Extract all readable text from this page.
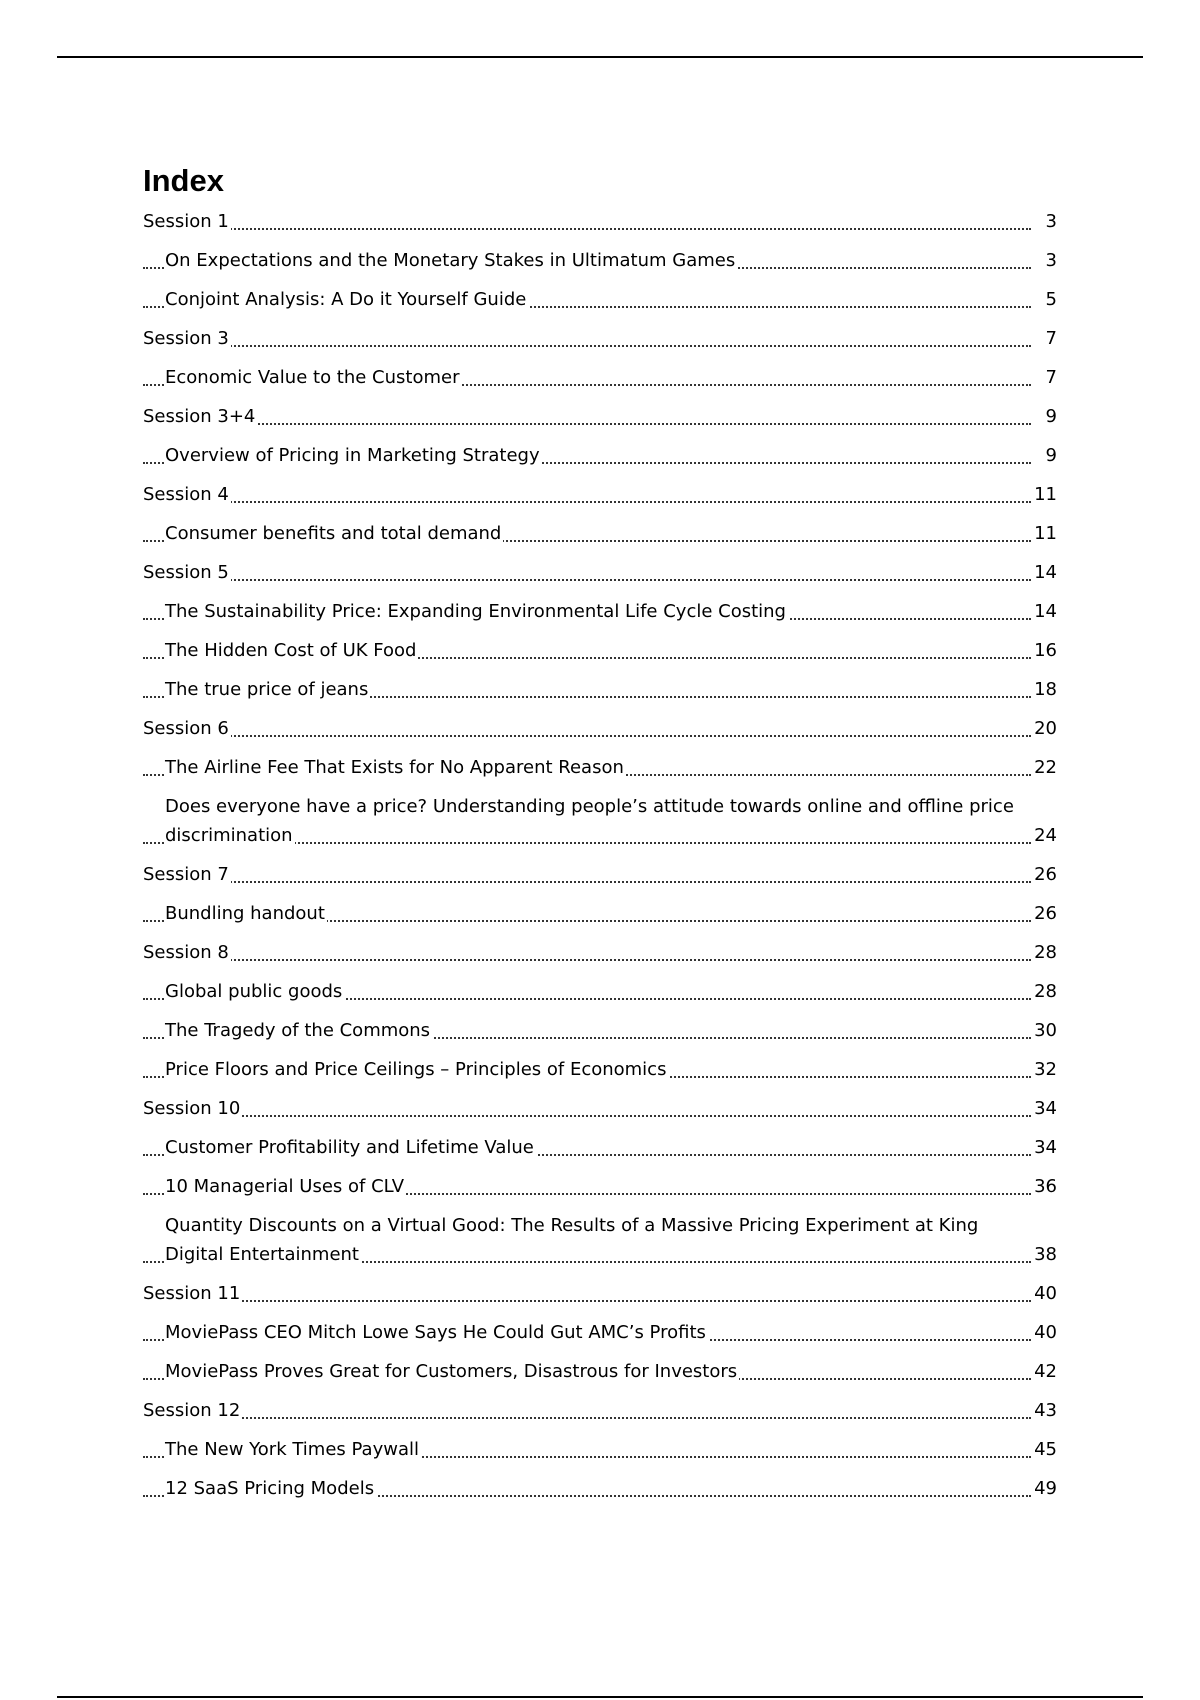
Index
Session 1	3
On Expectations and the Monetary Stakes in Ultimatum Games	3
Conjoint Analysis: A Do it Yourself Guide	5
Session 3	7
Economic Value to the Customer	7
Session 3+4	9
Overview of Pricing in Marketing Strategy	9
Session 4	11
Consumer benefits and total demand	11
Session 5	14
The Sustainability Price: Expanding Environmental Life Cycle Costing	14
The Hidden Cost of UK Food	16
The true price of jeans	18
Session 6	20
The Airline Fee That Exists for No Apparent Reason	22
Does everyone have a price? Understanding people’s attitude towards online and offline price discrimination	24
Session 7	26
Bundling handout	26
Session 8	28
Global public goods	28
The Tragedy of the Commons	30
Price Floors and Price Ceilings – Principles of Economics	32
Session 10	34
Customer Profitability and Lifetime Value	34
10 Managerial Uses of CLV	36
Quantity Discounts on a Virtual Good: The Results of a Massive Pricing Experiment at King Digital Entertainment	38
Session 11	40
MoviePass CEO Mitch Lowe Says He Could Gut AMC’s Profits	40
MoviePass Proves Great for Customers, Disastrous for Investors	42
Session 12	43
The New York Times Paywall	45
12 SaaS Pricing Models	49
